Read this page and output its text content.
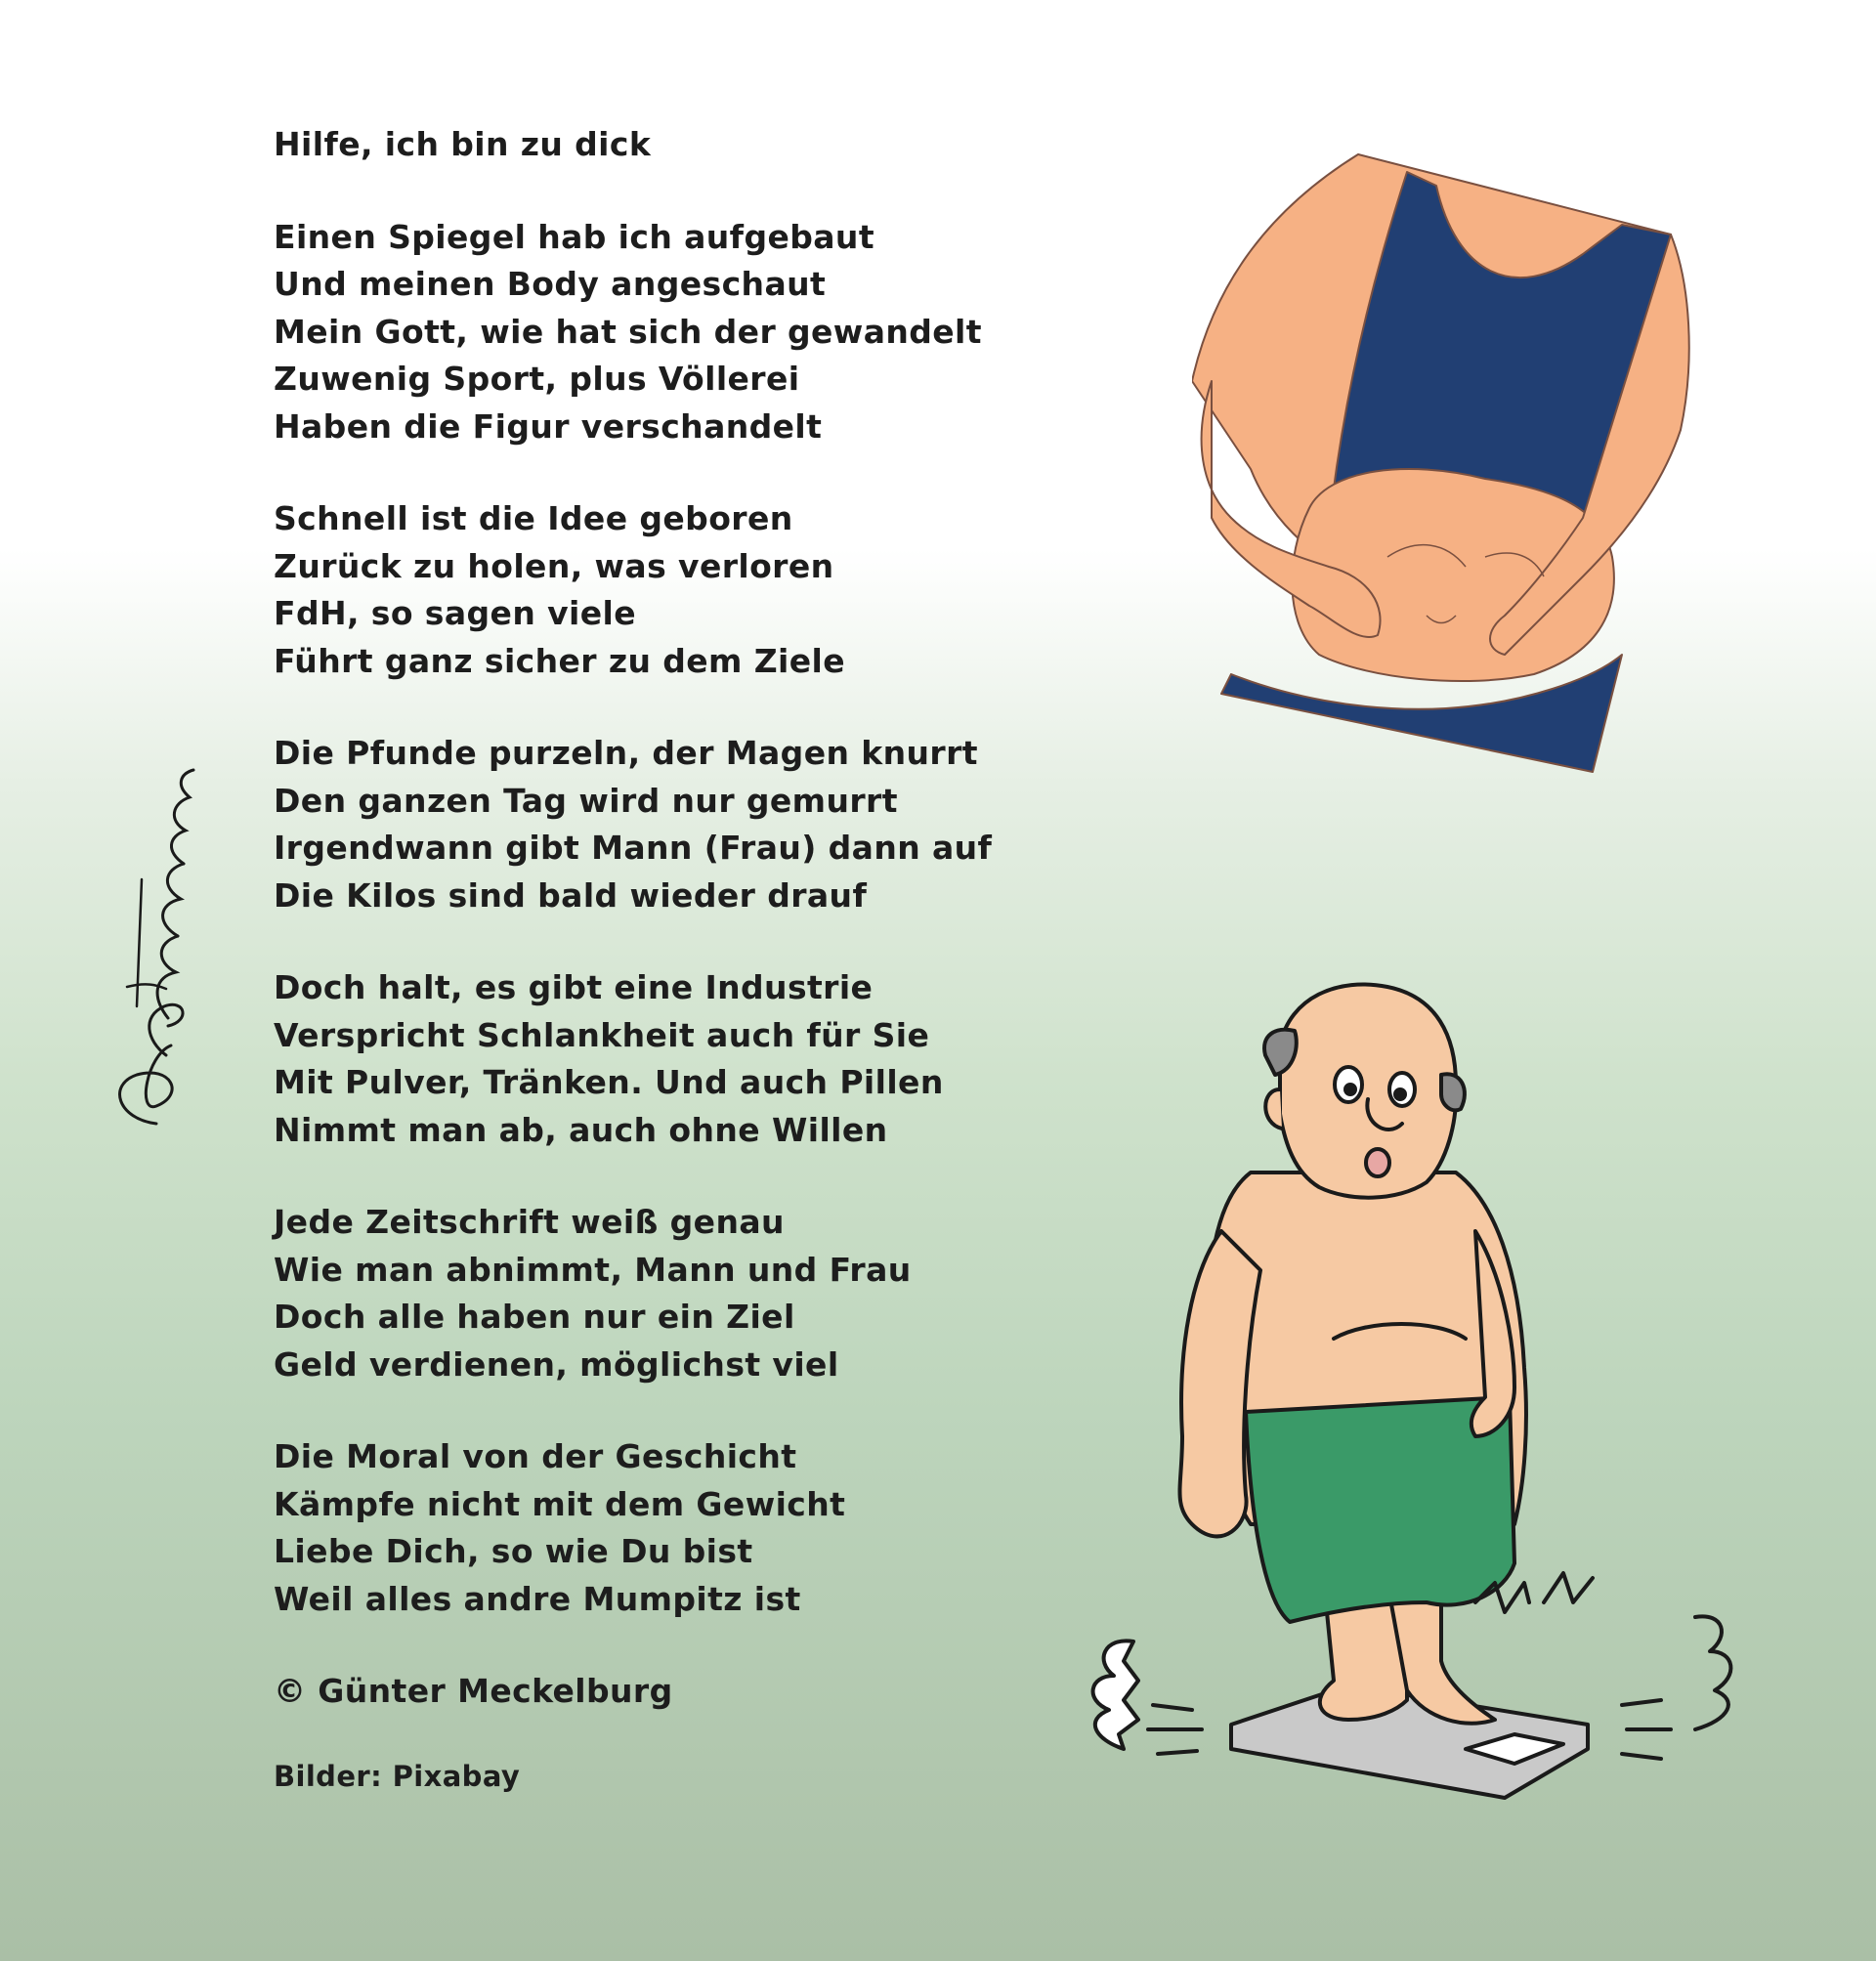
Hilfe, ich bin zu dick
Einen Spiegel hab ich aufgebaut
Und meinen Body angeschaut
Mein Gott, wie hat sich der gewandelt
Zuwenig Sport, plus Völlerei
Haben die Figur verschandelt
Schnell ist die Idee geboren
Zurück zu holen, was verloren
FdH, so sagen viele
Führt ganz sicher zu dem Ziele
Die Pfunde purzeln, der Magen knurrt
Den ganzen Tag wird nur gemurrt
Irgendwann gibt Mann (Frau) dann auf
Die Kilos sind bald wieder drauf
Doch halt, es gibt eine Industrie
Verspricht Schlankheit auch für Sie
Mit Pulver, Tränken. Und auch Pillen
Nimmt man ab, auch ohne Willen
Jede Zeitschrift weiß genau
Wie man abnimmt, Mann und Frau
Doch alle haben nur ein Ziel
Geld verdienen, möglichst viel
Die Moral von der Geschicht
Kämpfe nicht mit dem Gewicht
Liebe Dich, so wie Du bist
Weil alles andre Mumpitz ist
© Günter Meckelburg
Bilder: Pixabay
